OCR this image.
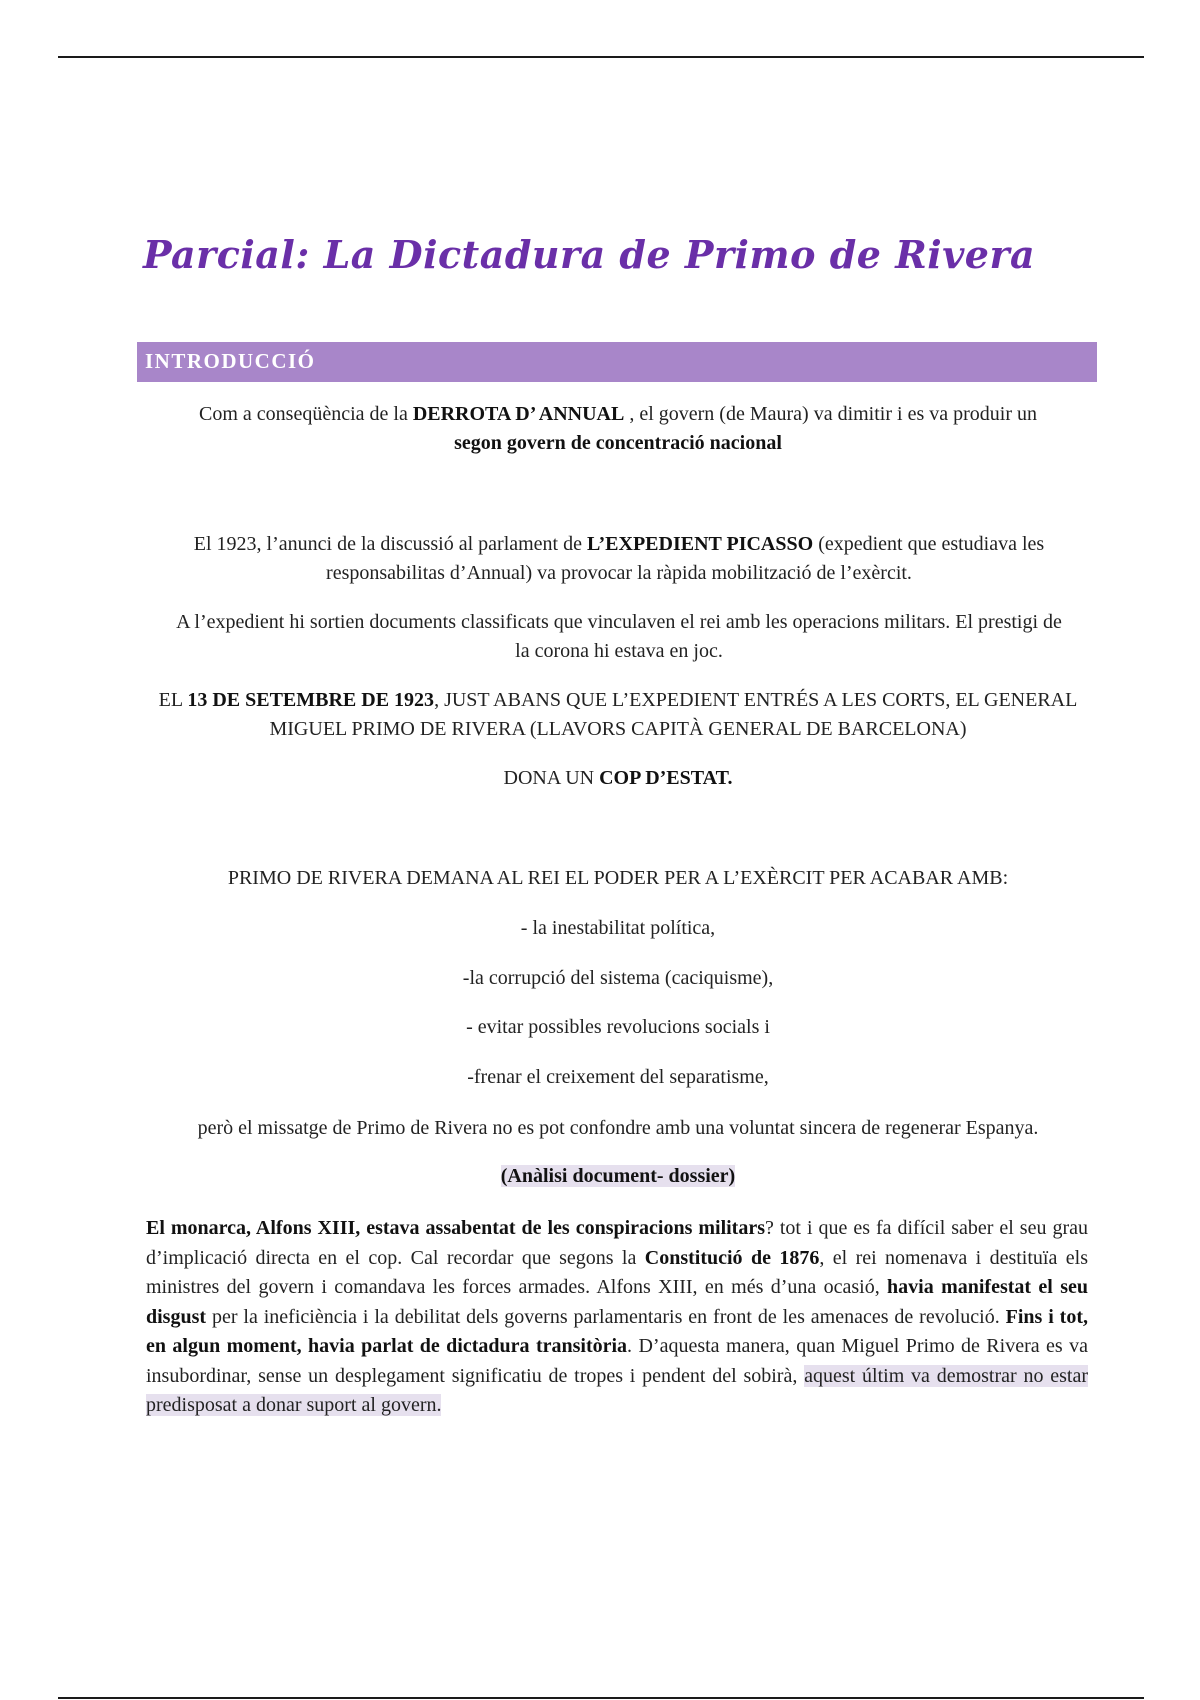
Parcial: La Dictadura de Primo de Rivera
INTRODUCCIÓ

Com a conseqüència de la DERROTA D’ ANNUAL , el govern (de Maura) va dimitir i es va produir un
segon govern de concentració nacional

El 1923, l’anunci de la discussió al parlament de L’EXPEDIENT PICASSO (expedient que estudiava les responsabilitas d’Annual) va provocar la ràpida mobilització de l’exèrcit.

A l’expedient hi sortien documents classificats que vinculaven el rei amb les operacions militars. El prestigi de la corona hi estava en joc.

EL 13 DE SETEMBRE DE 1923, JUST ABANS QUE L’EXPEDIENT ENTRÉS A LES CORTS, EL GENERAL MIGUEL PRIMO DE RIVERA (LLAVORS CAPITÀ GENERAL DE BARCELONA)

DONA UN COP D’ESTAT.

PRIMO DE RIVERA DEMANA AL REI EL PODER PER A L’EXÈRCIT PER ACABAR AMB:

- la inestabilitat política,

-la corrupció del sistema (caciquisme),

- evitar possibles revolucions socials i

-frenar el creixement del separatisme,

però el missatge de Primo de Rivera no es pot confondre amb una voluntat sincera de regenerar Espanya.

(Anàlisi document- dossier)

El monarca, Alfons XIII, estava assabentat de les conspiracions militars? tot i que es fa difícil saber el seu grau d’implicació directa en el cop. Cal recordar que segons la Constitució de 1876, el rei nomenava i destituïa els ministres del govern i comandava les forces armades. Alfons XIII, en més d’una ocasió, havia manifestat el seu disgust per la ineficiència i la debilitat dels governs parlamentaris en front de les amenaces de revolució. Fins i tot, en algun moment, havia parlat de dictadura transitòria. D’aquesta manera, quan Miguel Primo de Rivera es va insubordinar, sense un desplegament significatiu de tropes i pendent del sobirà, aquest últim va demostrar no estar predisposat a donar suport al govern.
